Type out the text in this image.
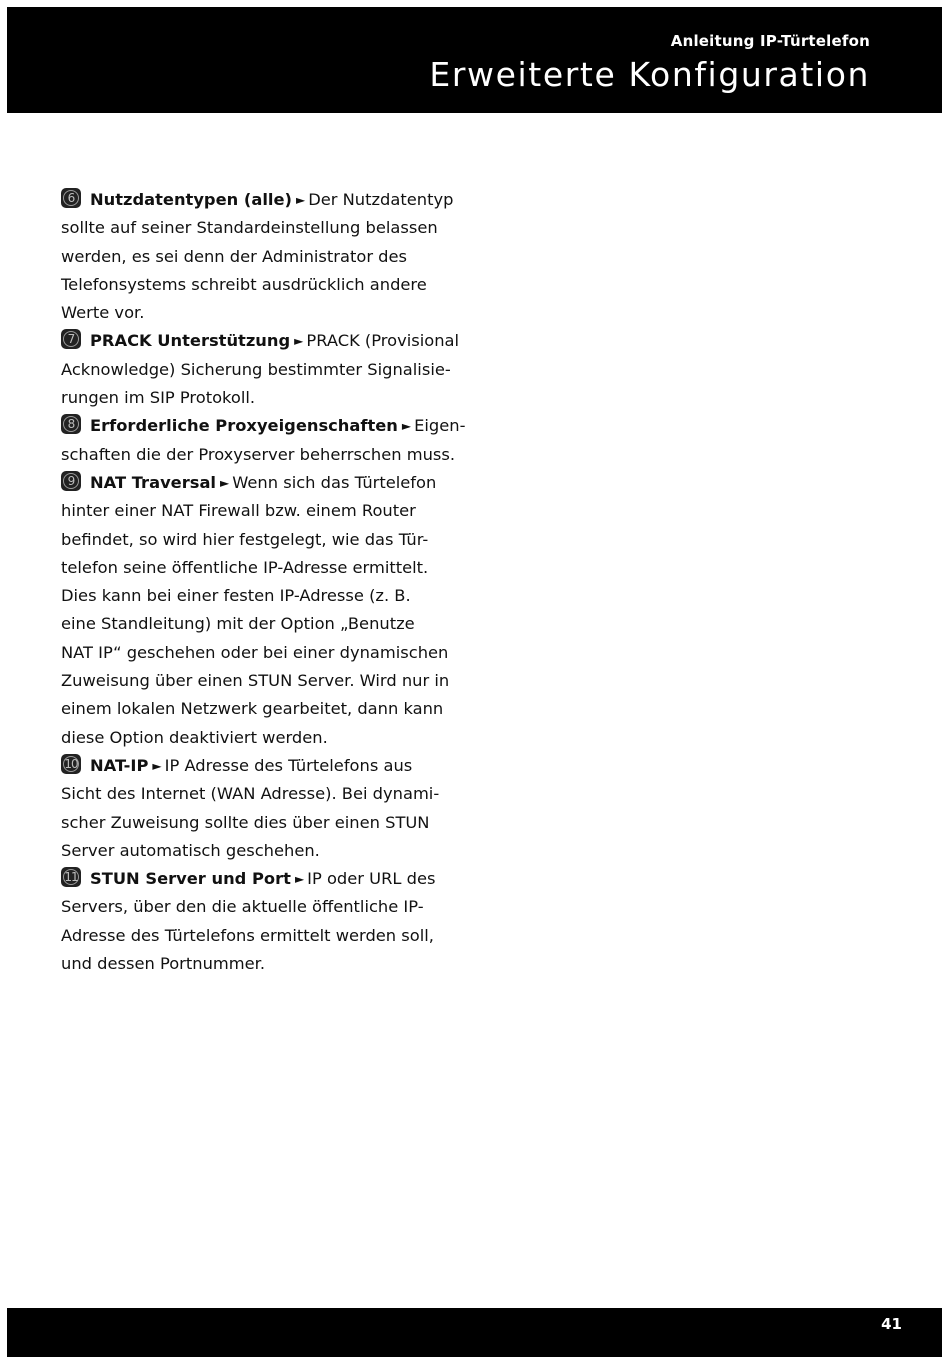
Anleitung IP-Türtelefon
Erweiterte Konfiguration
6 Nutzdatentypen (alle) ► Der Nutzdatentyp
sollte auf seiner Standardeinstellung belassen
werden, es sei denn der Administrator des
Telefonsystems schreibt ausdrücklich andere
Werte vor.
7 PRACK Unterstützung ► PRACK (Provisional
Acknowledge) Sicherung bestimmter Signalisie-
rungen im SIP Protokoll.
8 Erforderliche Proxyeigenschaften ► Eigen-
schaften die der Proxyserver beherrschen muss.
9 NAT Traversal ► Wenn sich das Türtelefon
hinter einer NAT Firewall bzw. einem Router
befindet, so wird hier festgelegt, wie das Tür-
telefon seine öffentliche IP-Adresse ermittelt.
Dies kann bei einer festen IP-Adresse (z. B.
eine Standleitung) mit der Option „Benutze
NAT IP“ geschehen oder bei einer dynamischen
Zuweisung über einen STUN Server. Wird nur in
einem lokalen Netzwerk gearbeitet, dann kann
diese Option deaktiviert werden.
10 NAT-IP ► IP Adresse des Türtelefons aus
Sicht des Internet (WAN Adresse). Bei dynami-
scher Zuweisung sollte dies über einen STUN
Server automatisch geschehen.
11 STUN Server und Port ► IP oder URL des
Servers, über den die aktuelle öffentliche IP-
Adresse des Türtelefons ermittelt werden soll,
und dessen Portnummer.
41
